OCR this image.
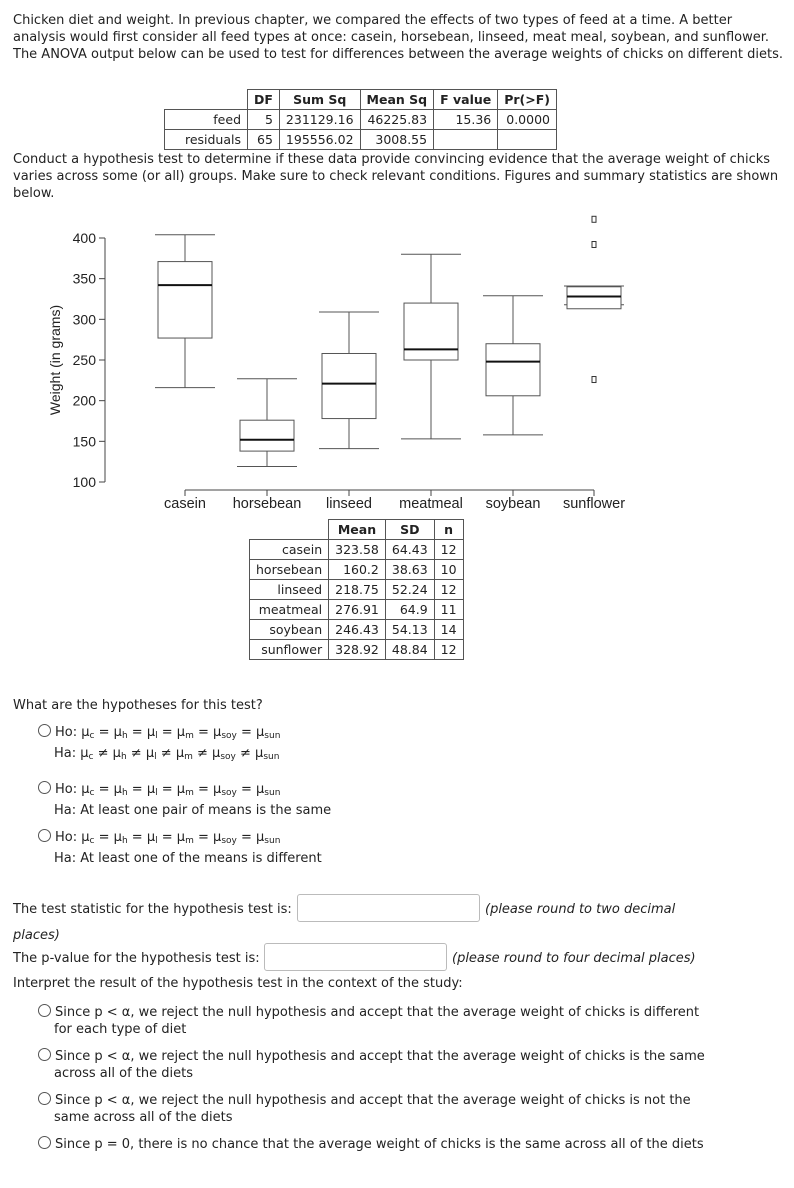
Chicken diet and weight. In previous chapter, we compared the effects of two types of feed at a time. A better analysis would first consider all feed types at once: casein, horsebean, linseed, meat meal, soybean, and sunflower. The ANOVA output below can be used to test for differences between the average weights of chicks on different diets.
	DF	Sum Sq	Mean Sq	F value	Pr(>F)
feed	5	231129.16	46225.83	15.36	0.0000
residuals	65	195556.02	3008.55		
Conduct a hypothesis test to determine if these data provide convincing evidence that the average weight of chicks varies across some (or all) groups. Make sure to check relevant conditions. Figures and summary statistics are shown below.
100
150
200
250
300
350
400
Weight (in grams)
casein horsebean linseed meatmeal soybean sunflower
	Mean	SD	n
casein	323.58	64.43	12
horsebean	160.2	38.63	10
linseed	218.75	52.24	12
meatmeal	276.91	64.9	11
soybean	246.43	54.13	14
sunflower	328.92	48.84	12
What are the hypotheses for this test?
Ho: $\mu_c = \mu_h = \mu_l = \mu_m = \mu_{soy} = \mu_{sun}$
Ha: $\mu_c \ne \mu_h \ne \mu_l \ne \mu_m \ne \mu_{soy} \ne \mu_{sun}$
Ho: $\mu_c = \mu_h = \mu_l = \mu_m = \mu_{soy} = \mu_{sun}$
Ha: At least one pair of means is the same
Ho: $\mu_c = \mu_h = \mu_l = \mu_m = \mu_{soy} = \mu_{sun}$
Ha: At least one of the means is different
The test statistic for the hypothesis test is:	(please round to two decimal
places)
The p-value for the hypothesis test is:	(please round to four decimal places)
Interpret the result of the hypothesis test in the context of the study:
Since p < α, we reject the null hypothesis and accept that the average weight of chicks is different
for each type of diet
Since p < α, we reject the null hypothesis and accept that the average weight of chicks is the same
across all of the diets
Since p < α, we reject the null hypothesis and accept that the average weight of chicks is not the
same across all of the diets
Since p = 0, there is no chance that the average weight of chicks is the same across all of the diets
